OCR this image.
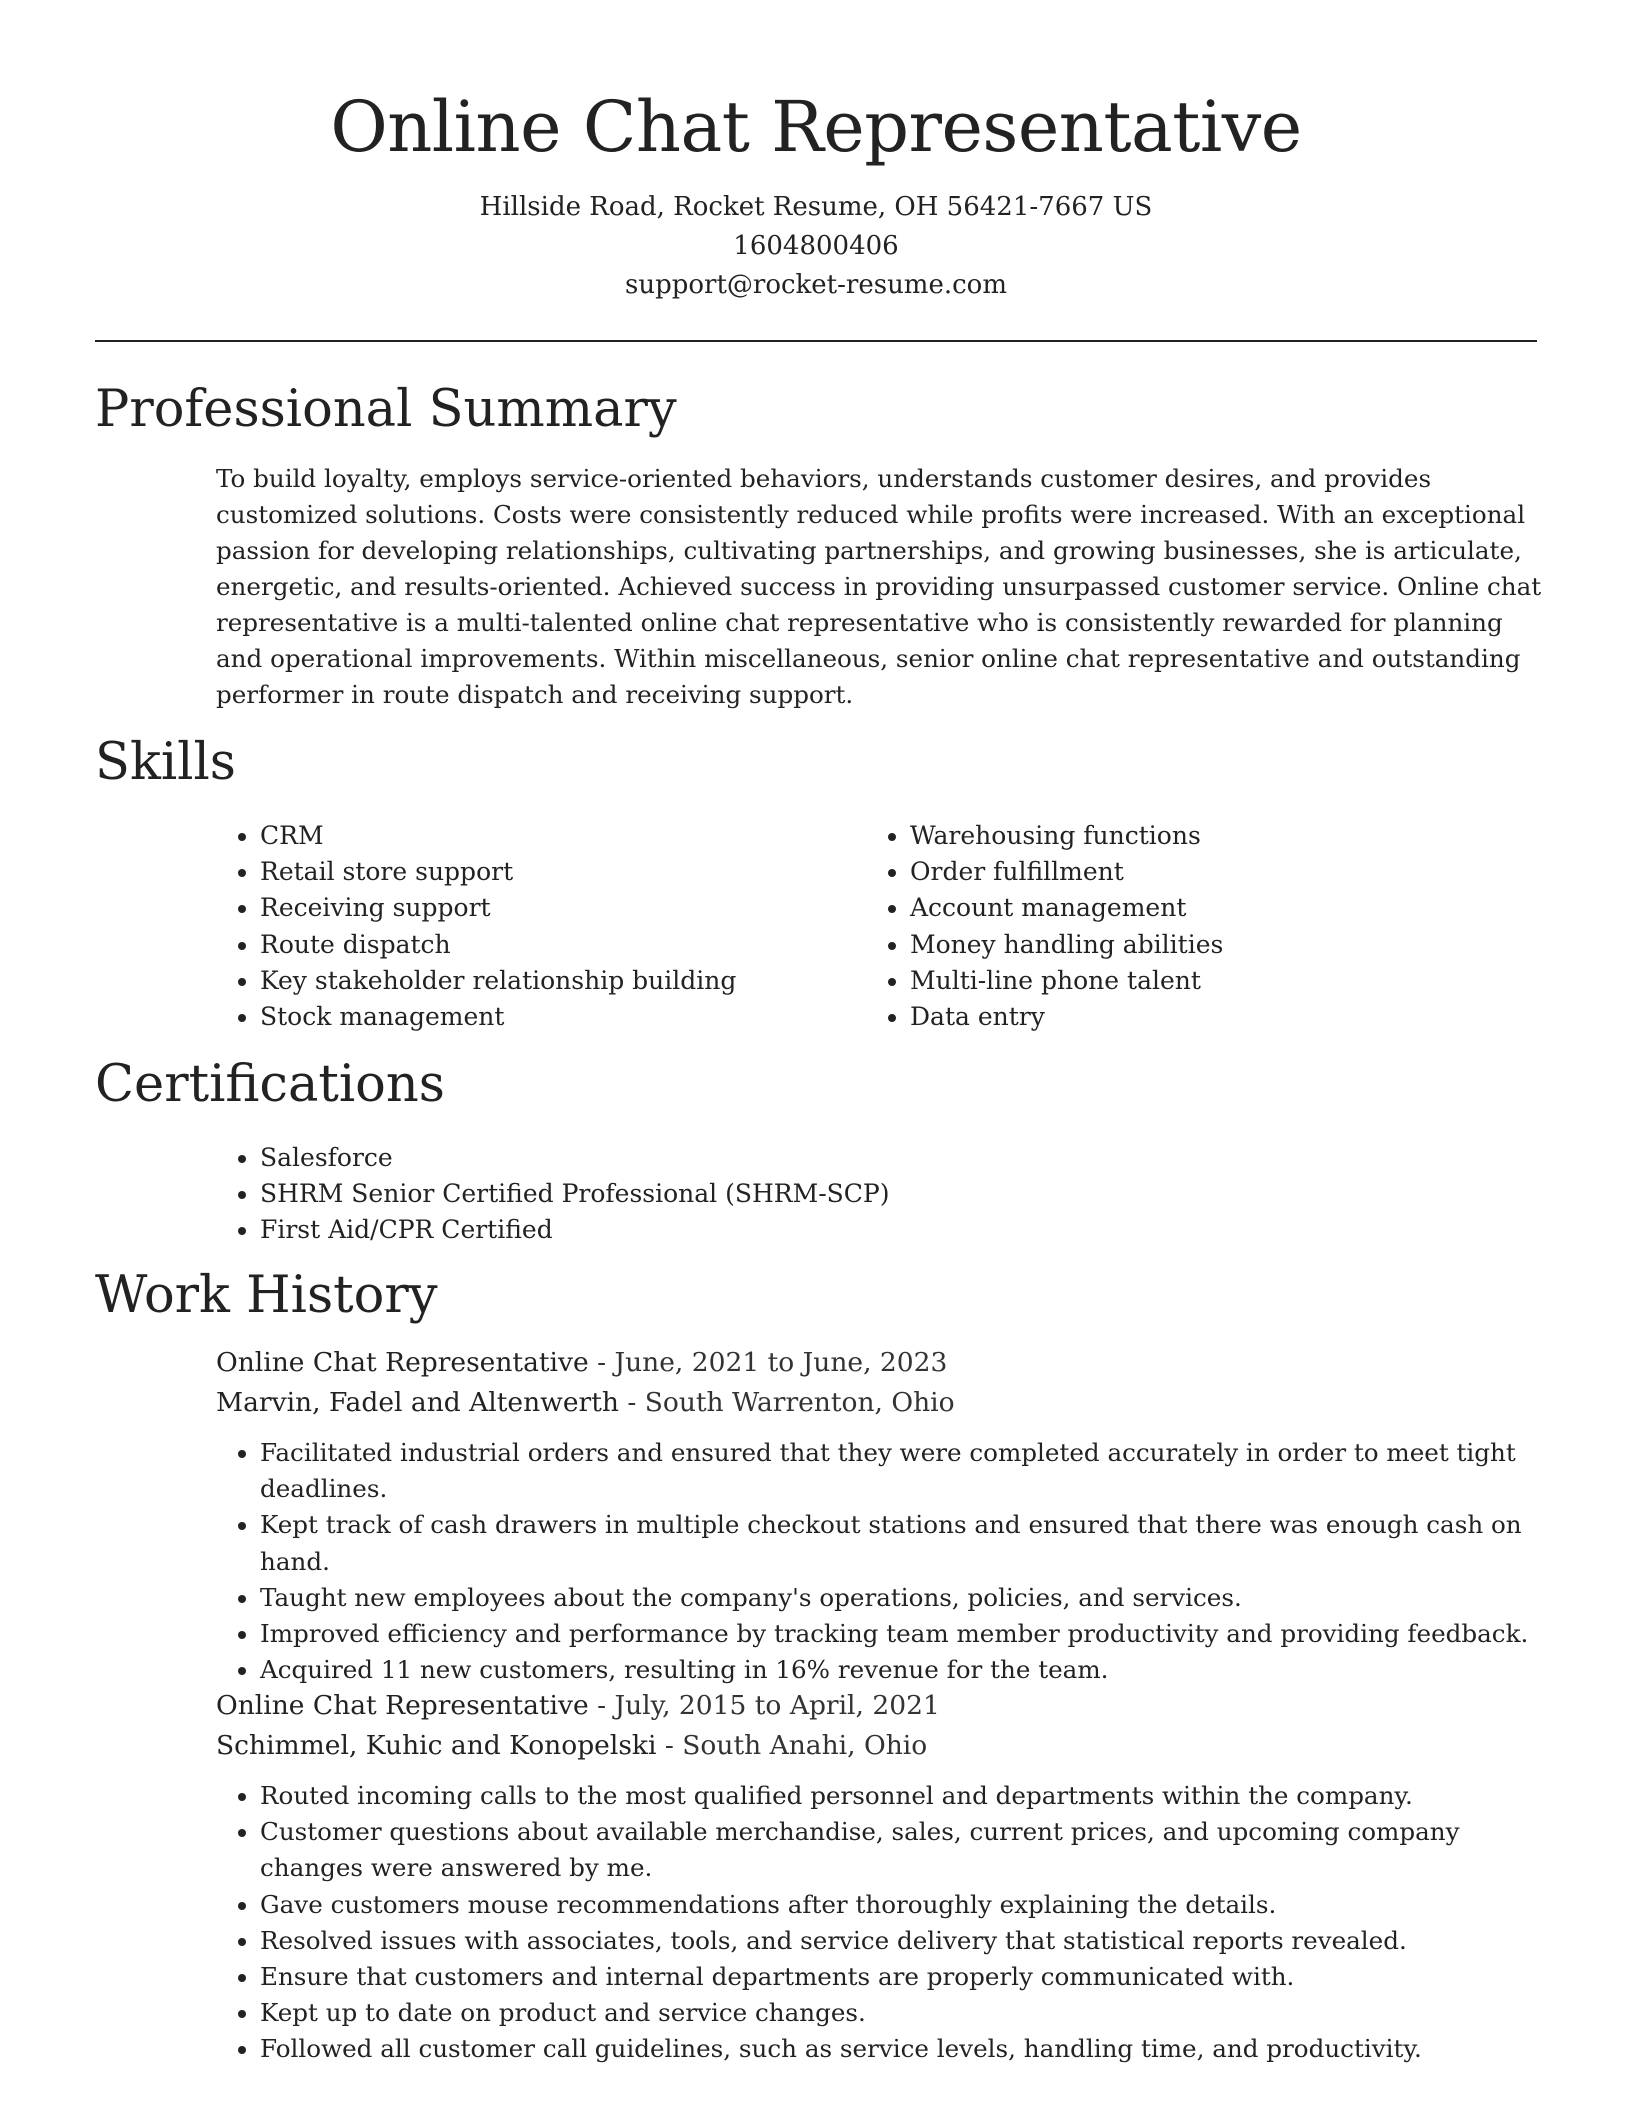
Online Chat Representative
Hillside Road, Rocket Resume, OH 56421-7667 US
1604800406
support@rocket-resume.com
Professional Summary

To build loyalty, employs service-oriented behaviors, understands customer desires, and provides customized solutions. Costs were consistently reduced while profits were increased. With an exceptional passion for developing relationships, cultivating partnerships, and growing businesses, she is articulate, energetic, and results-oriented. Achieved success in providing unsurpassed customer service. Online chat representative is a multi-talented online chat representative who is consistently rewarded for planning and operational improvements. Within miscellaneous, senior online chat representative and outstanding performer in route dispatch and receiving support.

Skills
• CRM
• Retail store support
• Receiving support
• Route dispatch
• Key stakeholder relationship building
• Stock management
• Warehousing functions
• Order fulfillment
• Account management
• Money handling abilities
• Multi-line phone talent
• Data entry
Certifications
• Salesforce
• SHRM Senior Certified Professional (SHRM-SCP)
• First Aid/CPR Certified
Work History
Online Chat Representative - June, 2021 to June, 2023
Marvin, Fadel and Altenwerth - South Warrenton, Ohio
• Facilitated industrial orders and ensured that they were completed accurately in order to meet tight deadlines.
• Kept track of cash drawers in multiple checkout stations and ensured that there was enough cash on hand.
• Taught new employees about the company's operations, policies, and services.
• Improved efficiency and performance by tracking team member productivity and providing feedback.
• Acquired 11 new customers, resulting in 16% revenue for the team.
Online Chat Representative - July, 2015 to April, 2021
Schimmel, Kuhic and Konopelski - South Anahi, Ohio
• Routed incoming calls to the most qualified personnel and departments within the company.
• Customer questions about available merchandise, sales, current prices, and upcoming company changes were answered by me.
• Gave customers mouse recommendations after thoroughly explaining the details.
• Resolved issues with associates, tools, and service delivery that statistical reports revealed.
• Ensure that customers and internal departments are properly communicated with.
• Kept up to date on product and service changes.
• Followed all customer call guidelines, such as service levels, handling time, and productivity.
